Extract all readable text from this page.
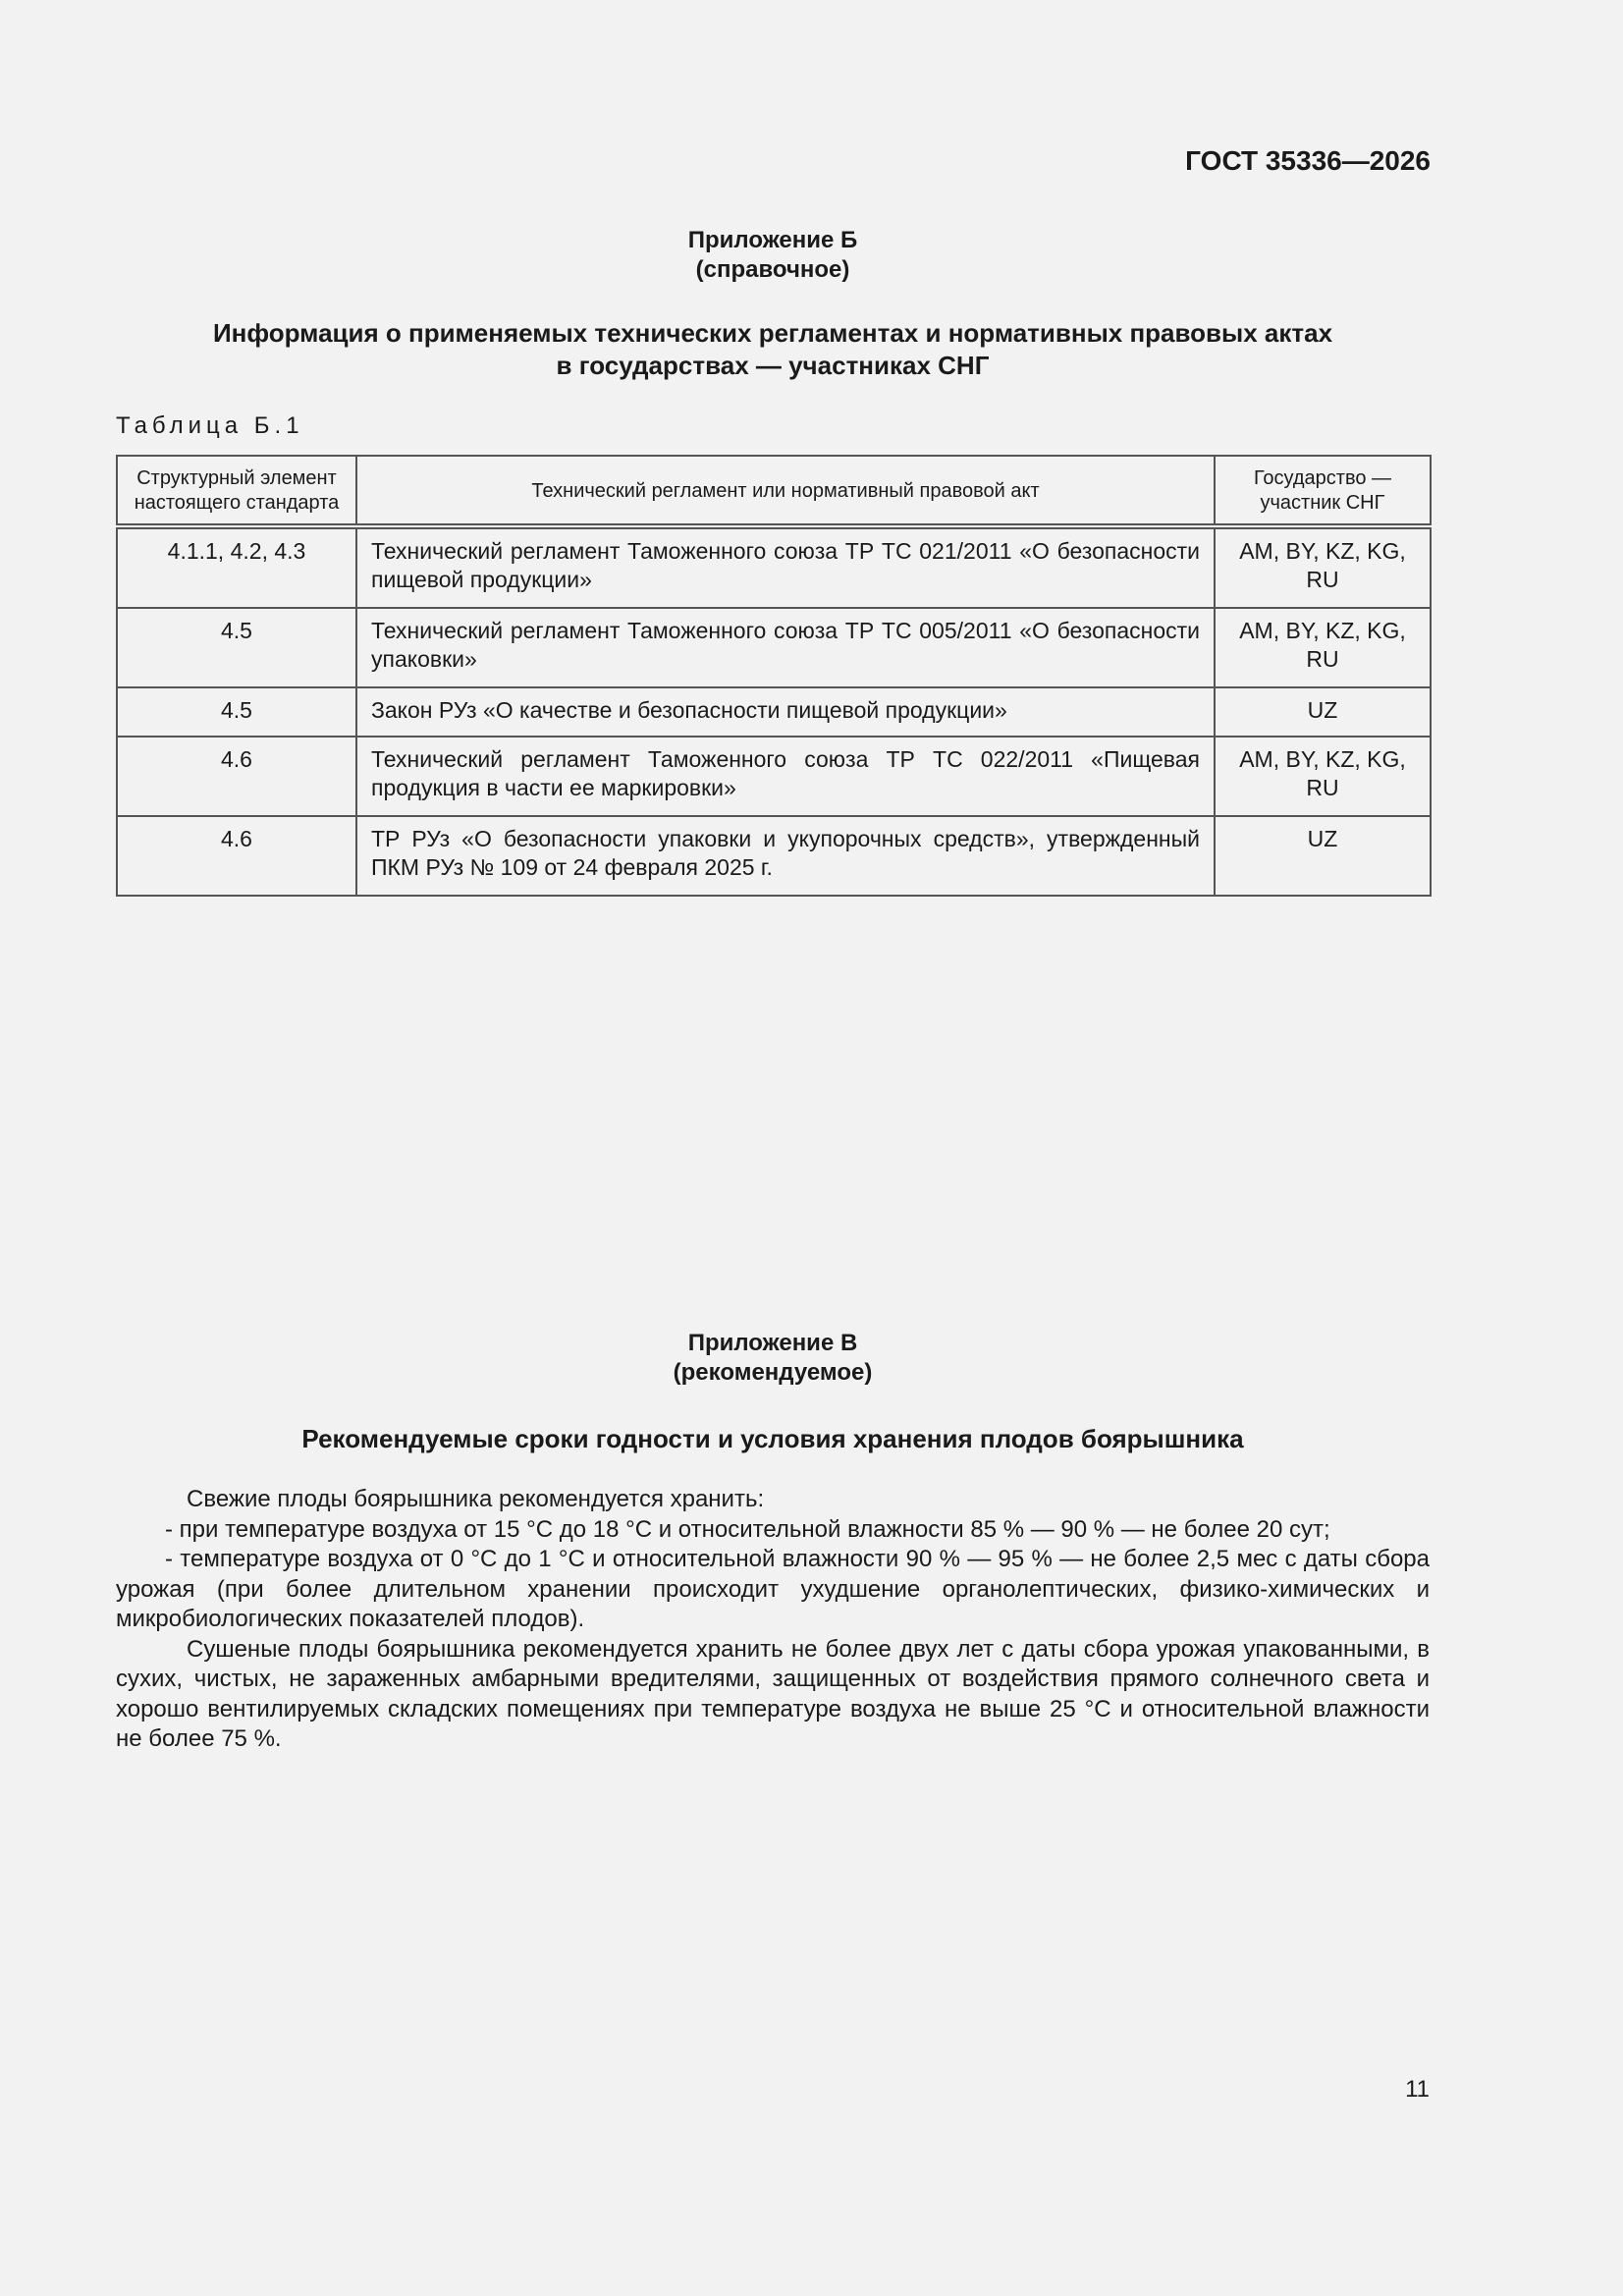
ГОСТ 35336—2026
Приложение Б
(справочное)
Информация о применяемых технических регламентах и нормативных правовых актах
в государствах — участниках СНГ
Таблица Б.1
Структурный элемент настоящего стандарта	Технический регламент или нормативный правовой акт	Государство — участник СНГ
4.1.1, 4.2, 4.3	Технический регламент Таможенного союза ТР ТС 021/2011 «О безопасности пищевой продукции»	AM, BY, KZ, KG, RU
4.5	Технический регламент Таможенного союза ТР ТС 005/2011 «О безопасности упаковки»	AM, BY, KZ, KG, RU
4.5	Закон РУз «О качестве и безопасности пищевой продукции»	UZ
4.6	Технический регламент Таможенного союза ТР ТС 022/2011 «Пищевая продукция в части ее маркировки»	AM, BY, KZ, KG, RU
4.6	ТР РУз «О безопасности упаковки и укупорочных средств», утвержденный ПКМ РУз № 109 от 24 февраля 2025 г.	UZ
Приложение В
(рекомендуемое)
Рекомендуемые сроки годности и условия хранения плодов боярышника

Свежие плоды боярышника рекомендуется хранить:

- при температуре воздуха от 15 °С до 18 °С и относительной влажности 85 % — 90 % — не более 20 сут;

- температуре воздуха от 0 °С до 1 °С и относительной влажности 90 % — 95 % — не более 2,5 мес с даты сбора урожая (при более длительном хранении происходит ухудшение органолептических, физико-химических и микробиологических показателей плодов).

Сушеные плоды боярышника рекомендуется хранить не более двух лет с даты сбора урожая упакованными, в сухих, чистых, не зараженных амбарными вредителями, защищенных от воздействия прямого солнечного света и хорошо вентилируемых складских помещениях при температуре воздуха не выше 25 °С и относительной влажности не более 75 %.

11
